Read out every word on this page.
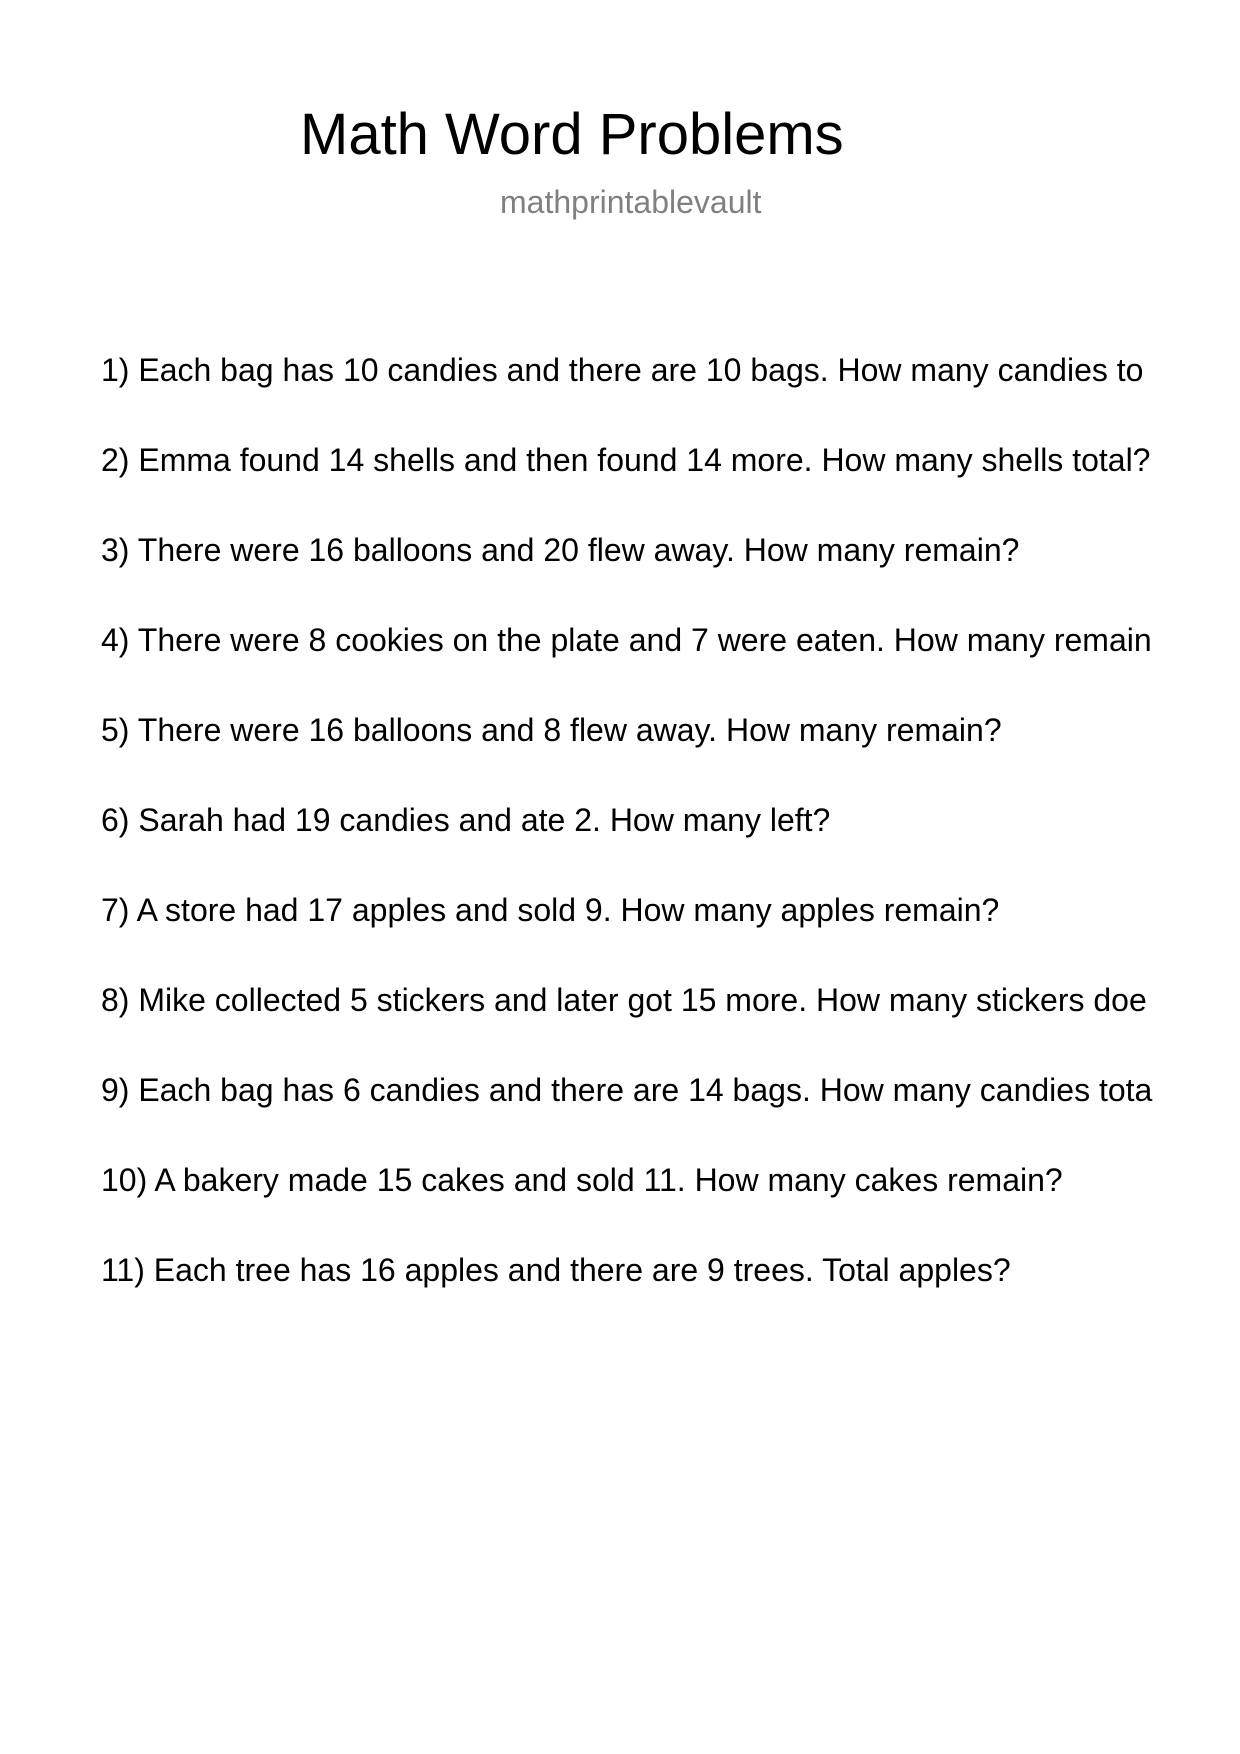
Math Word Problems
mathprintablevault
1) Each bag has 10 candies and there are 10 bags. How many candies to
2) Emma found 14 shells and then found 14 more. How many shells total?
3) There were 16 balloons and 20 flew away. How many remain?
4) There were 8 cookies on the plate and 7 were eaten. How many remain
5) There were 16 balloons and 8 flew away. How many remain?
6) Sarah had 19 candies and ate 2. How many left?
7) A store had 17 apples and sold 9. How many apples remain?
8) Mike collected 5 stickers and later got 15 more. How many stickers doe
9) Each bag has 6 candies and there are 14 bags. How many candies tota
10) A bakery made 15 cakes and sold 11. How many cakes remain?
11) Each tree has 16 apples and there are 9 trees. Total apples?
